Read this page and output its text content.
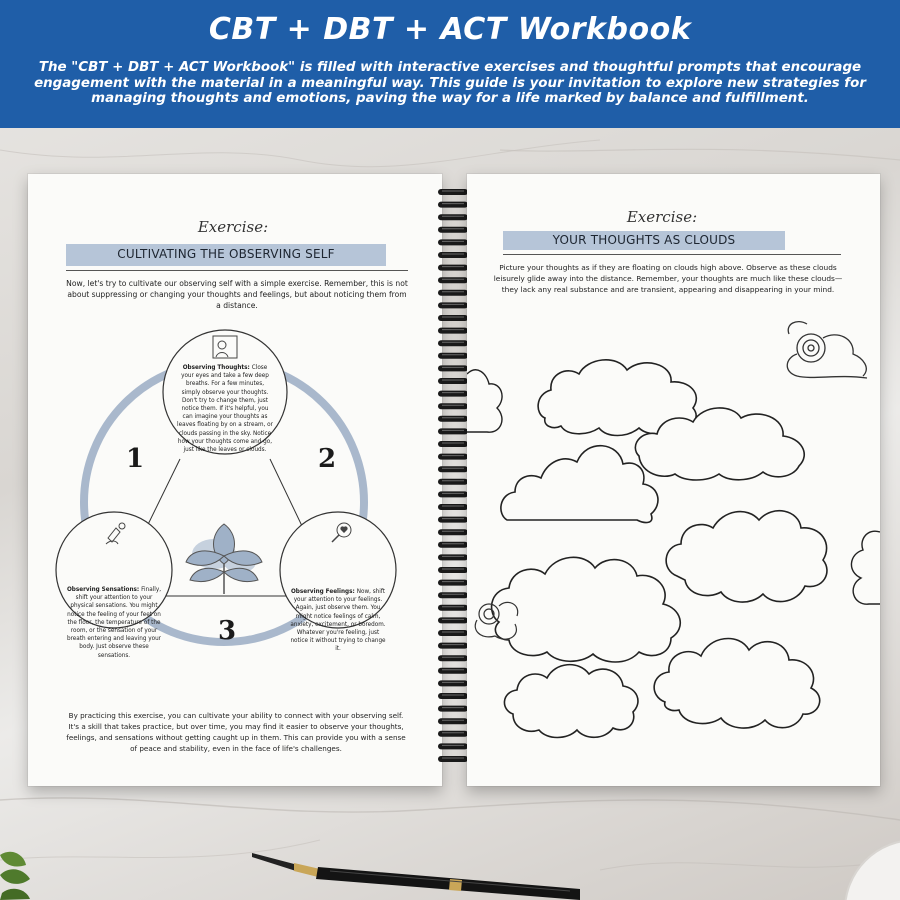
CBT + DBT + ACT Workbook
The "CBT + DBT + ACT Workbook" is filled with interactive exercises and thoughtful prompts that encourage engagement with the material in a meaningful way. This guide is your invitation to explore new strategies for managing thoughts and emotions, paving the way for a life marked by balance and fulfillment.
Exercise:
CULTIVATING THE OBSERVING SELF
Now, let's try to cultivate our observing self with a simple exercise. Remember, this is not about suppressing or changing your thoughts and feelings, but about noticing them from a distance.
1	2
3
Observing Thoughts: Close your eyes and take a few deep breaths. For a few minutes, simply observe your thoughts. Don't try to change them, just notice them. If it's helpful, you can imagine your thoughts as leaves floating by on a stream, or clouds passing in the sky. Notice how your thoughts come and go, just like the leaves or clouds.
Observing Sensations: Finally, shift your attention to your physical sensations. You might notice the feeling of your feet on the floor, the temperature of the room, or the sensation of your breath entering and leaving your body. Just observe these sensations.
Observing Feelings: Now, shift your attention to your feelings. Again, just observe them. You might notice feelings of calm, anxiety, excitement, or boredom. Whatever you're feeling, just notice it without trying to change it.
By practicing this exercise, you can cultivate your ability to connect with your observing self. It's a skill that takes practice, but over time, you may find it easier to observe your thoughts, feelings, and sensations without getting caught up in them. This can provide you with a sense of peace and stability, even in the face of life's challenges.
Exercise:
YOUR THOUGHTS AS CLOUDS
Picture your thoughts as if they are floating on clouds high above. Observe as these clouds leisurely glide away into the distance. Remember, your thoughts are much like these clouds—they lack any real substance and are transient, appearing and disappearing in your mind.
